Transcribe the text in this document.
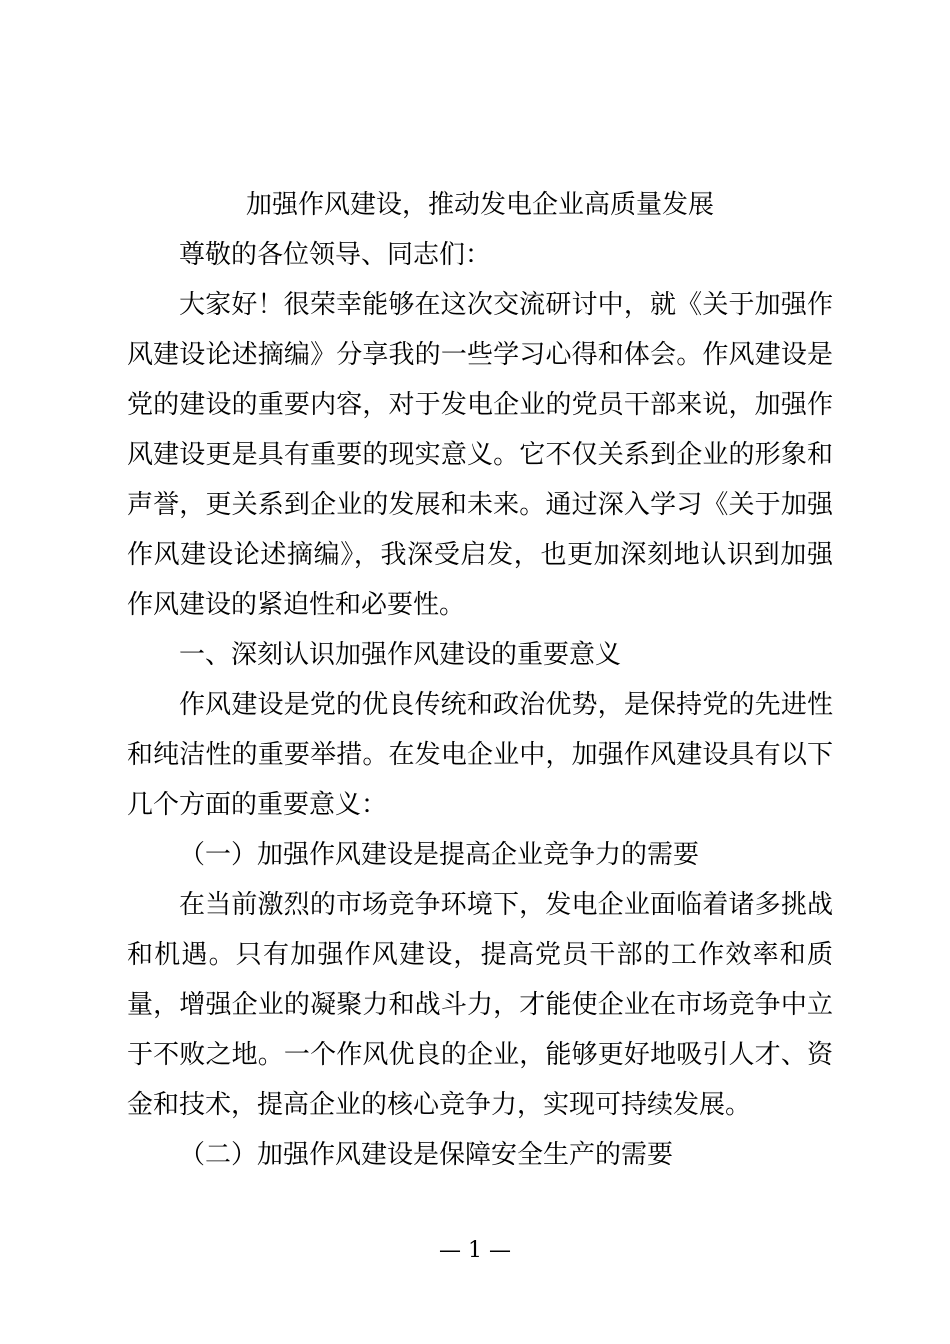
加强作风建设，推动发电企业高质量发展

尊敬的各位领导、同志们：

大家好！很荣幸能够在这次交流研讨中，就《关于加强作风建设论述摘编》分享我的一些学习心得和体会。作风建设是党的建设的重要内容，对于发电企业的党员干部来说，加强作风建设更是具有重要的现实意义。它不仅关系到企业的形象和声誉，更关系到企业的发展和未来。通过深入学习《关于加强作风建设论述摘编》，我深受启发，也更加深刻地认识到加强作风建设的紧迫性和必要性。

一、深刻认识加强作风建设的重要意义

作风建设是党的优良传统和政治优势，是保持党的先进性和纯洁性的重要举措。在发电企业中，加强作风建设具有以下几个方面的重要意义：

（一）加强作风建设是提高企业竞争力的需要

在当前激烈的市场竞争环境下，发电企业面临着诸多挑战和机遇。只有加强作风建设，提高党员干部的工作效率和质量，增强企业的凝聚力和战斗力，才能使企业在市场竞争中立于不败之地。一个作风优良的企业，能够更好地吸引人才、资金和技术，提高企业的核心竞争力，实现可持续发展。

（二）加强作风建设是保障安全生产的需要

— 1 —
